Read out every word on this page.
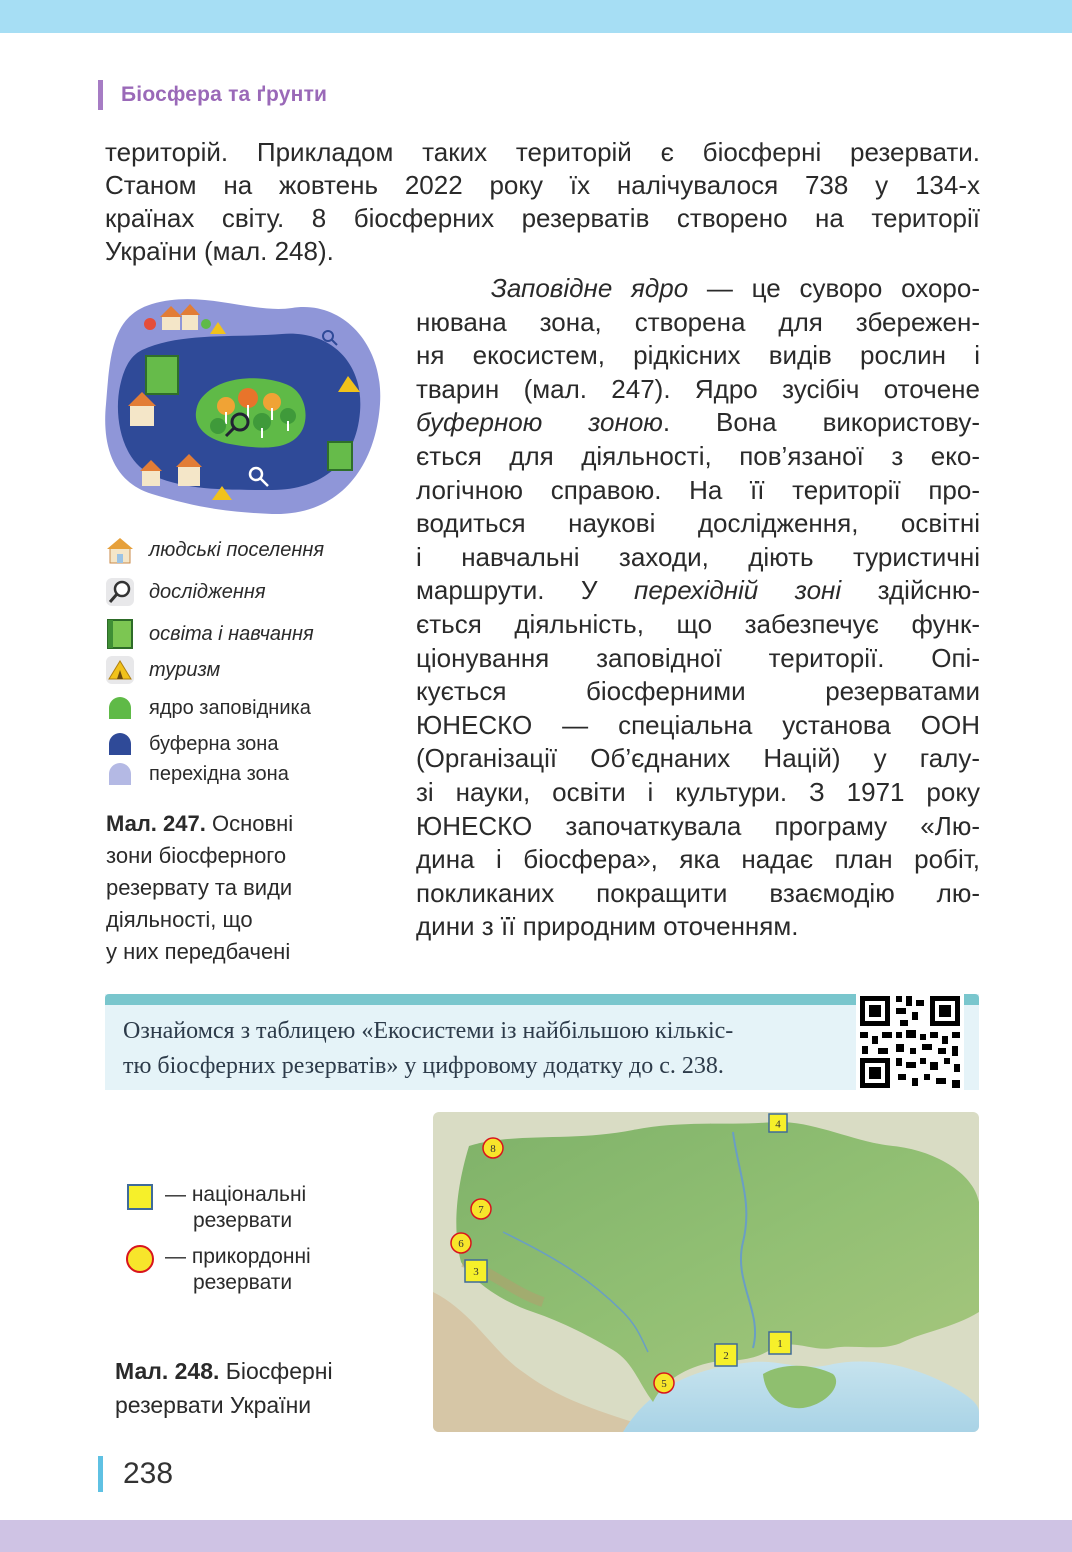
Біосфера та ґрунти
територій. Прикладом таких територій є біосферні резервати.
Станом на жовтень 2022 року їх налічувалося 738 у 134-х
країнах світу. 8 біосферних резерватів створено на території
України (мал. 248).
Заповідне ядро — це суворо охоро-
нювана зона, створена для збережен-
ня екосистем, рідкісних видів рослин і
тварин (мал. 247). Ядро зусібіч оточене
буферною зоною. Вона використову-
ється для діяльності, пов’язаної з еко-
логічною справою. На її території про-
водиться наукові дослідження, освітні
і навчальні заходи, діють туристичні
маршрути. У перехідній зоні здійсню-
ється діяльність, що забезпечує функ-
ціонування заповідної території. Опі-
кується біосферними резерватами
ЮНЕСКО — спеціальна установа ООН
(Організації Об’єднаних Націй) у галу-
зі науки, освіти і культури. З 1971 року
ЮНЕСКО започаткувала програму «Лю-
дина і біосфера», яка надає план робіт,
покликаних покращити взаємодію лю-
дини з її природним оточенням.
людські поселення
дослідження
освіта і навчання
туризм
ядро заповідника
буферна зона
перехідна зона
Мал. 247. Основні
зони біосферного
резервату та види
діяльності, що
у них передбачені
Ознайомся з таблицею «Екосистеми із найбільшою кількіс-
тю біосферних резерватів» у цифровому додатку до с. 238.
— національні
резервати
— прикордонні
резервати
Мал. 248. Біосферні
резервати України
4
8
7
6
3
2
1
5
238
